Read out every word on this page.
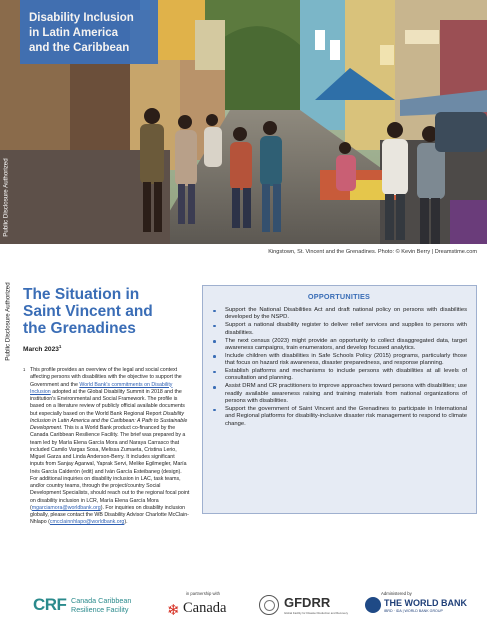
Disability Inclusion
in Latin America
and the Caribbean
Public Disclosure Authorized
Kingstown, St. Vincent and the Grenadines. Photo: © Kevin Berry | Dreamstime.com
Public Disclosure Authorized The Situation in
Saint Vincent and
the Grenadines
March 2023$^1$
1 This profile provides an overview of the legal and social context affecting persons with disabilities with the objective to support the Government and the World Bank's commitments on Disability Inclusion adopted at the Global Disability Summit in 2018 and the institution's Environmental and Social Framework. The profile is based on a literature review of publicly official available documents but especially based on the World Bank Regional Report Disability Inclusion in Latin America and the Caribbean: A Path to Sustainable Development. This is a World Bank product co-financed by the Canada Caribbean Resilience Facility. The brief was prepared by a team led by María Elena García Mora and Naraya Carrasco that included Camilo Vargas Sosa, Melissa Zumaeta, Cristina Lerio, Miguel Garza and Linda Anderson-Berry. It includes significant inputs from Sanjay Agarwal, Yaprak Servi, Melike Egilmegler, María Inés García Calderón (edit) and Iván García Esteibaneg (design). For additional inquiries on disability inclusion in LAC, task teams, and/or country teams, through the project/country Social Development Specialists, should reach out to the regional focal point on disability inclusion in LCR, María Elena García Mora (mgarciamora@worldbank.org). For inquiries on disability inclusion globally, please contact the WB Disability Advisor Charlotte McClain-Nhlapo (cmcclainnhlapo@worldbank.org).

OPPORTUNITIES
Support the National Disabilities Act and draft national policy on persons with disabilities developed by the NSPD.
Support a national disability register to deliver relief services and supplies to persons with disabilities.
The next census (2023) might provide an opportunity to collect disaggregated data, target awareness campaigns, train enumerators, and develop focused analytics.
Include children with disabilities in Safe Schools Policy (2015) programs, particularly those that focus on hazard risk awareness, disaster preparedness, and response planning.
Establish platforms and mechanisms to include persons with disabilities at all levels of consultation and planning.
Assist DRM and CR practitioners to improve approaches toward persons with disabilities; use readily available awareness raising and training materials from national organizations of persons with disabilities.
Support the government of Saint Vincent and the Grenadines to participate in International and Regional platforms for disability-inclusive disaster risk management to respond to climate change.
CRF Canada Caribbean Resilience Facility
in partnership with
❄ Canada	GFDRR
Global Facility for Disaster Reduction and Recovery
Administered by
THE WORLD BANK
IBRD · IDA | WORLD BANK GROUP
